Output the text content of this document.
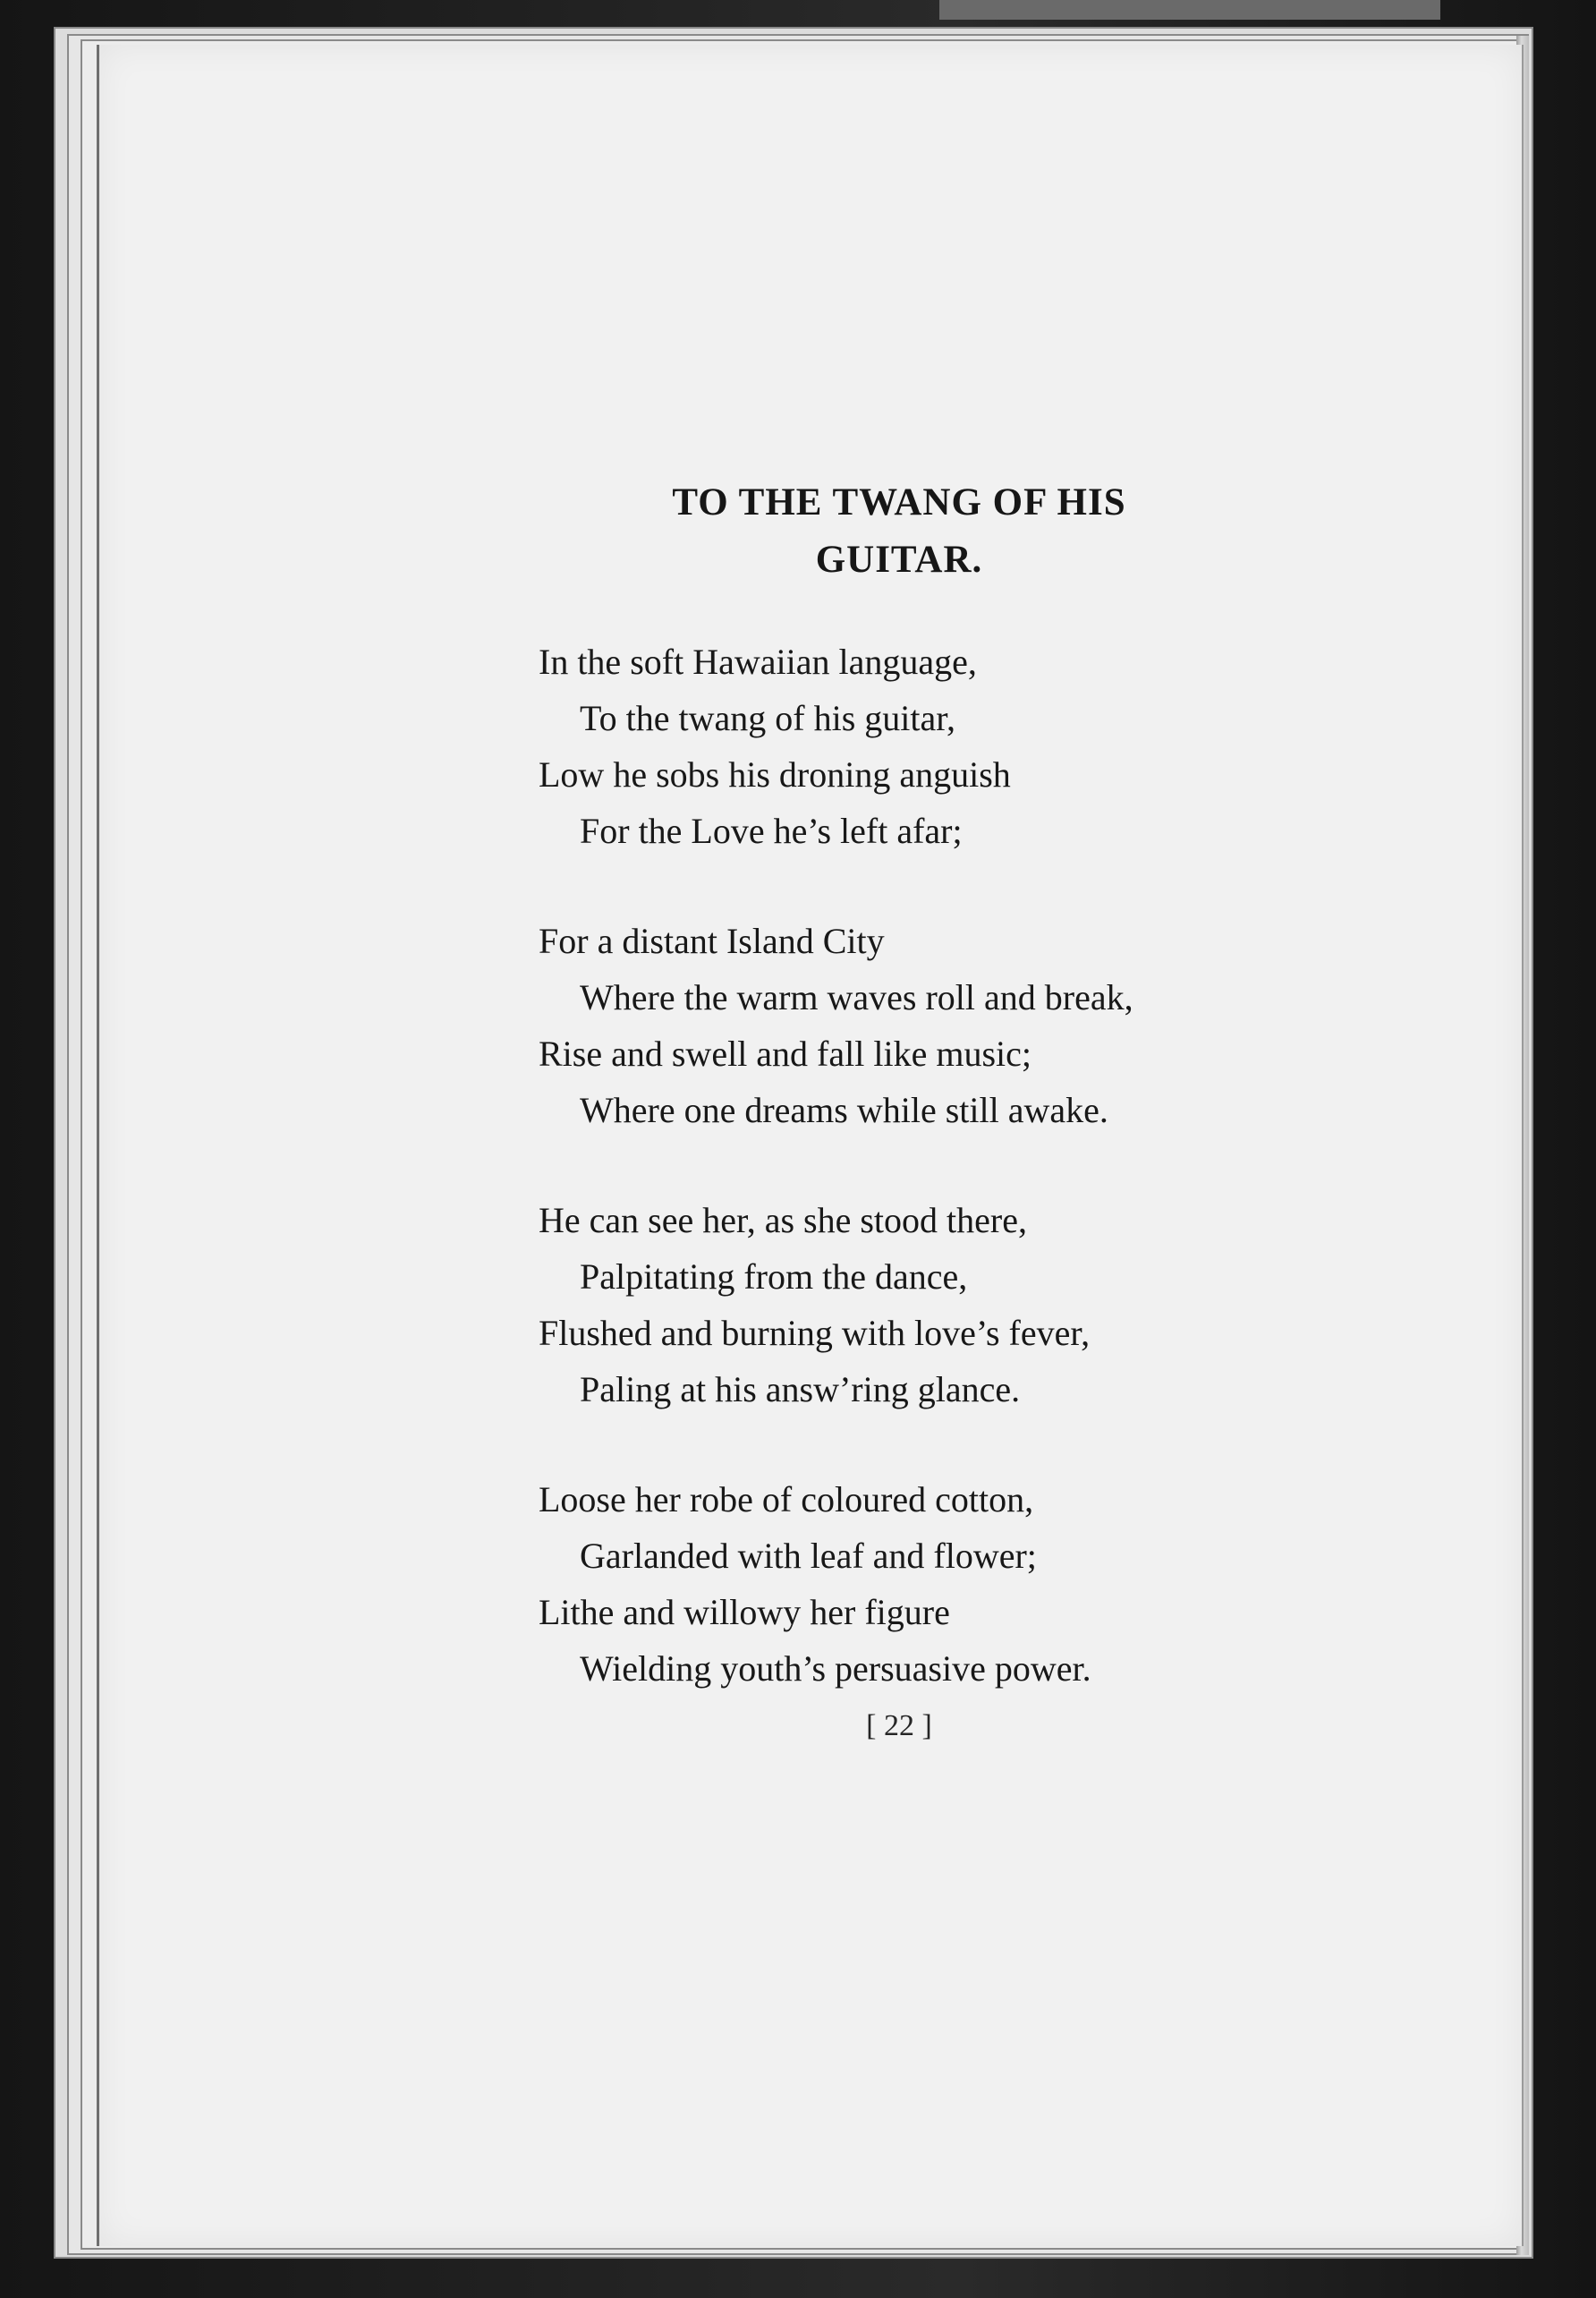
TO THE TWANG OF HIS
GUITAR.
In the soft Hawaiian language,
To the twang of his guitar,
Low he sobs his droning anguish
For the Love he’s left afar;
For a distant Island City
Where the warm waves roll and break,
Rise and swell and fall like music;
Where one dreams while still awake.
He can see her, as she stood there,
Palpitating from the dance,
Flushed and burning with love’s fever,
Paling at his answ’ring glance.
Loose her robe of coloured cotton,
Garlanded with leaf and flower;
Lithe and willowy her figure
Wielding youth’s persuasive power.
[ 22 ]
